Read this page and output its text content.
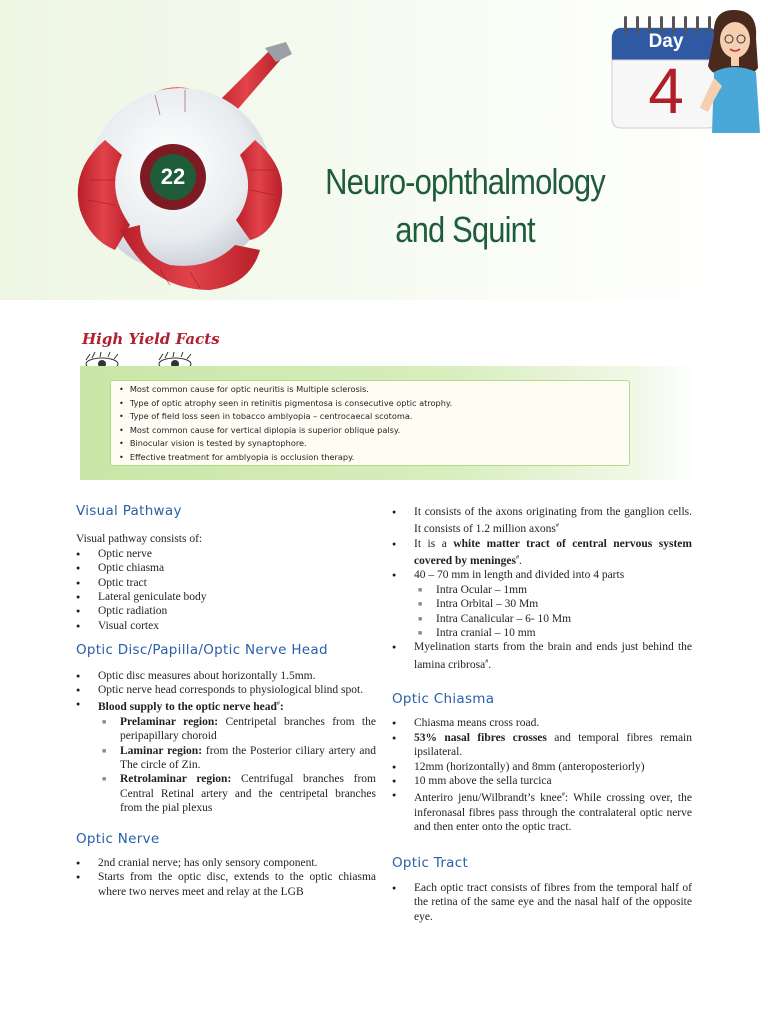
22	Neuro-ophthalmology
and Squint
Day
4
High Yield Facts
• Most common cause for optic neuritis is Multiple sclerosis.
• Type of optic atrophy seen in retinitis pigmentosa is consecutive optic atrophy.
• Type of field loss seen in tobacco amblyopia – centrocaecal scotoma.
• Most common cause for vertical diplopia is superior oblique palsy.
• Binocular vision is tested by synaptophore.
• Effective treatment for amblyopia is occlusion therapy.
Visual Pathway

Visual pathway consists of:

● Optic nerve
● Optic chiasma
● Optic tract
● Lateral geniculate body
● Optic radiation
● Visual cortex
Optic Disc/Papilla/Optic Nerve Head
● Optic disc measures about horizontally 1.5mm.
● Optic nerve head corresponds to physiological blind spot.
● Blood supply to the optic nerve head#:
■ Prelaminar region: Centripetal branches from the peripapillary choroid
■ Laminar region: from the Posterior ciliary artery and The circle of Zin.
■ Retrolaminar region: Centrifugal branches from Central Retinal artery and the centripetal branches from the pial plexus
Optic Nerve
● 2nd cranial nerve; has only sensory component.
● Starts from the optic disc, extends to the optic chiasma where two nerves meet and relay at the LGB
● It consists of the axons originating from the ganglion cells. It consists of 1.2 million axons#
● It is a white matter tract of central nervous system covered by meninges#.
● 40 – 70 mm in length and divided into 4 parts
■ Intra Ocular – 1mm
■ Intra Orbital – 30 Mm
■ Intra Canalicular – 6- 10 Mm
■ Intra cranial – 10 mm
● Myelination starts from the brain and ends just behind the lamina cribrosa#.
Optic Chiasma
● Chiasma means cross road.
● 53% nasal fibres crosses and temporal fibres remain ipsilateral.
● 12mm (horizontally) and 8mm (anteroposteriorly)
● 10 mm above the sella turcica
● Anteriro jenu/Wilbrandt’s knee#: While crossing over, the inferonasal fibres pass through the contralateral optic nerve and then enter onto the optic tract.
Optic Tract
● Each optic tract consists of fibres from the temporal half of the retina of the same eye and the nasal half of the opposite eye.
